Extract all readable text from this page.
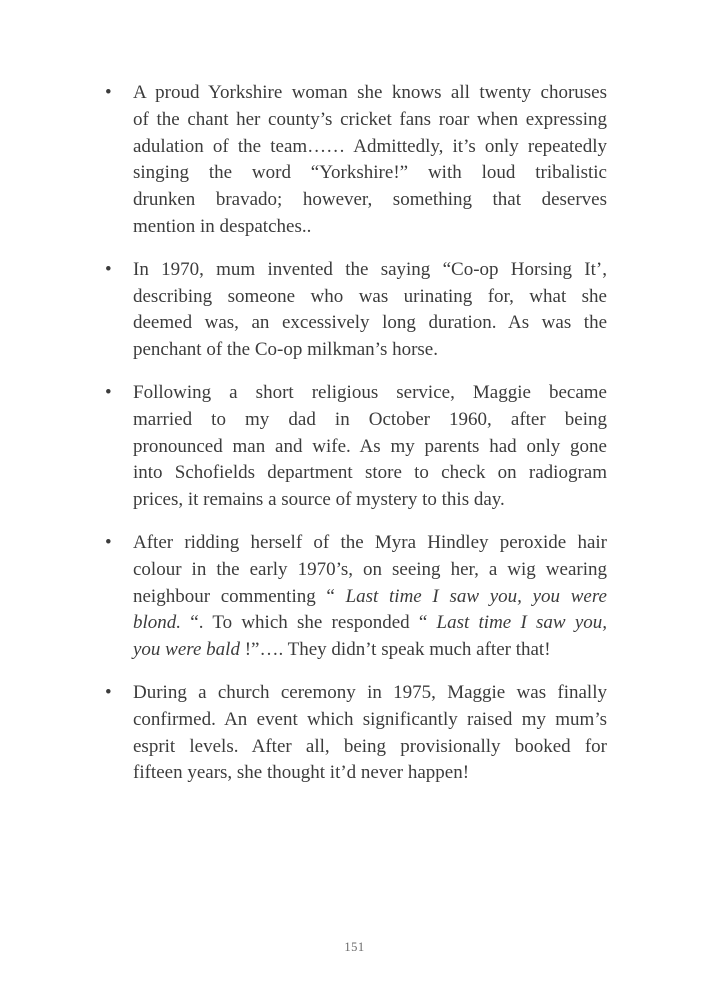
•	A proud Yorkshire woman she knows all twenty choruses
of the chant her county’s cricket fans roar when expressing
adulation of the team…… Admittedly, it’s only repeatedly
singing the word “Yorkshire!” with loud tribalistic
drunken bravado; however, something that deserves
mention in despatches..
•	In 1970, mum invented the saying “Co-op Horsing It’,
describing someone who was urinating for, what she
deemed was, an excessively long duration. As was the
penchant of the Co-op milkman’s horse.
•	Following a short religious service, Maggie became
married to my dad in October 1960, after being
pronounced man and wife. As my parents had only gone
into Schofields department store to check on radiogram
prices, it remains a source of mystery to this day.
•	After ridding herself of the Myra Hindley peroxide hair
colour in the early 1970’s, on seeing her, a wig wearing
neighbour commenting “ Last time I saw you, you were
blond. “. To which she responded “ Last time I saw you,
you were bald !”…. They didn’t speak much after that!
•	During a church ceremony in 1975, Maggie was finally
confirmed. An event which significantly raised my mum’s
esprit levels. After all, being provisionally booked for
fifteen years, she thought it’d never happen!
151
